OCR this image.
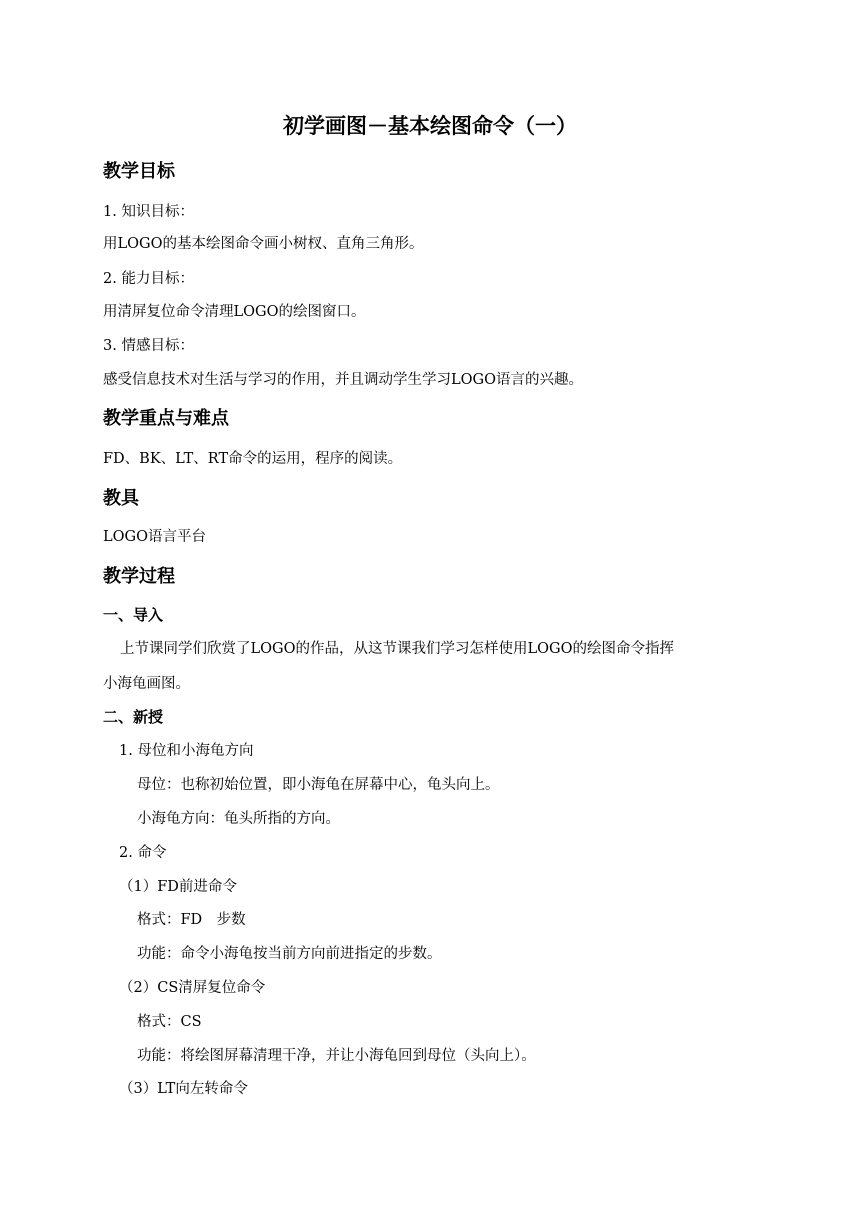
初学画图－基本绘图命令（一）
教学目标
1. 知识目标：
用LOGO的基本绘图命令画小树杈、直角三角形。
2. 能力目标：
用清屏复位命令清理LOGO的绘图窗口。
3. 情感目标：
感受信息技术对生活与学习的作用，并且调动学生学习LOGO语言的兴趣。
教学重点与难点
FD、BK、LT、RT命令的运用，程序的阅读。
教具
LOGO语言平台
教学过程
一、导入
上节课同学们欣赏了LOGO的作品，从这节课我们学习怎样使用LOGO的绘图命令指挥
小海龟画图。
二、新授
1. 母位和小海龟方向
母位：也称初始位置，即小海龟在屏幕中心，龟头向上。
小海龟方向：龟头所指的方向。
2. 命令
（1）FD前进命令
格式：FD　步数
功能：命令小海龟按当前方向前进指定的步数。
（2）CS清屏复位命令
格式：CS
功能：将绘图屏幕清理干净，并让小海龟回到母位（头向上）。
（3）LT向左转命令
